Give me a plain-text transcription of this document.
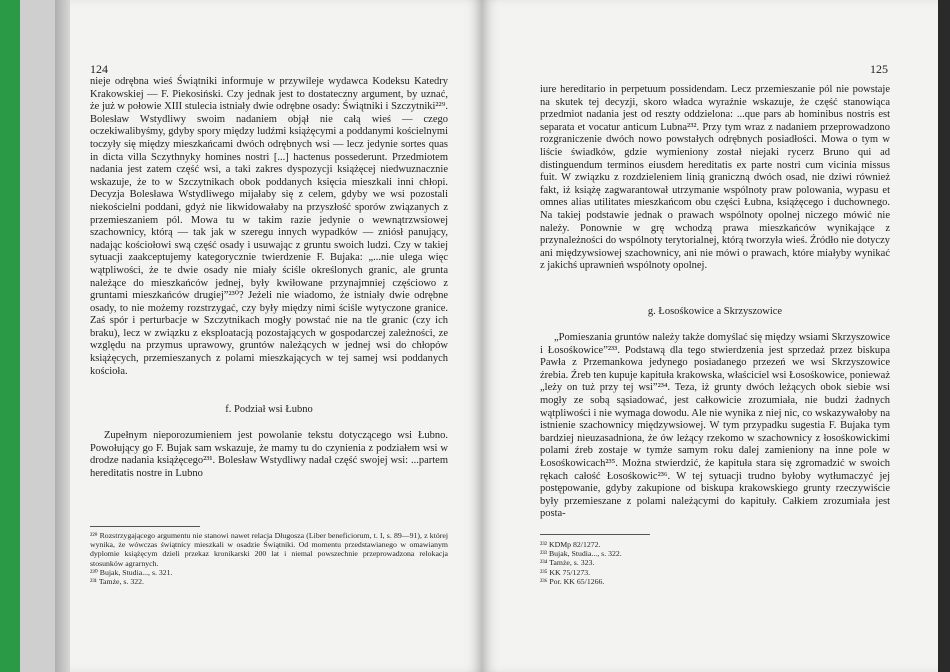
124

nieje odrębna wieś Świątniki informuje w przywilejе wydawca Kodeksu Katedry Krakowskiej — F. Piekosiński. Czy jednak jest to dostateczny argument, by uznać, że już w połowie XIII stulecia istniały dwie odrębne osady: Świątniki i Szczytniki²²⁹. Bolesław Wstydliwy swoim nadaniem objął nie całą wieś — czego oczekiwalibyśmy, gdyby spory między ludźmi książęcymi a poddanymi kościelnymi toczyły się między mieszkańcami dwóch odrębnych wsi — lecz jedynie sortes quas in dicta villa Sczythnyky homines nostri [...] hactenus possederunt. Przedmiotem nadania jest zatem część wsi, a taki zakres dyspozycji książęcej niedwuznacznie wskazuje, że to w Szczytnikach obok poddanych księcia mieszkali inni chłopi. Decyzja Bolesława Wstydliwego mijałaby się z celem, gdyby we wsi pozostali niekościelni poddani, gdyż nie likwidowałaby na przyszłość sporów związanych z przemieszaniem pól. Mowa tu w takim razie jedynie o wewnątrzwsiowej szachownicy, którą — tak jak w szeregu innych wypadków — zniósł panujący, nadając kościołowi swą część osady i usuwając z gruntu swoich ludzi. Czy w takiej sytuacji zaakceptujemy kategorycznie twierdzenie F. Bujaka: „...nie ulega więc wątpliwości, że te dwie osady nie miały ściśle określonych granic, ale grunta należące do mieszkańców jednej, były kwiłowane przynajmniej częściowo z gruntami mieszkańców drugiej”²³⁰? Jeżeli nie wiadomo, że istniały dwie odrębne osady, to nie możemy rozstrzygać, czy były między nimi ściśle wytyczone granice. Zaś spór i perturbacje w Szczytnikach mogły powstać nie na tle granic (czy ich braku), lecz w związku z eksploatacją pozostających w gospodarczej zależności, ze względu na przymus uprawowy, gruntów należących w jednej wsi do chłopów książęcych, przemieszanych z polami mieszkających w tej samej wsi poddanych kościoła.

f. Podział wsi Łubno

Zupełnym nieporozumieniem jest powolanie tekstu dotyczącego wsi Łubno. Powołujący go F. Bujak sam wskazuje, że mamy tu do czynienia z podziałem wsi w drodze nadania książęcego²³¹. Bolesław Wstydliwy nadał część swojej wsi: ...partem hereditatis nostre in Lubno

²²⁹ Rozstrzygającego argumentu nie stanowi nawet relacja Długosza (Liber beneficiorum, t. I, s. 89—91), z której wynika, że wówczas świątnicy mieszkali w osadzie Świątniki. Od momentu przedstawianego w omawianym dyplomie książęcym dzieli przekaz kronikarski 200 lat i niemal powszechnie przeprowadzona relokacja stosunków agrarnych.
²³⁰ Bujak, Studia..., s. 321.
²³¹ Tamże, s. 322.
125

iure hereditario in perpetuum possidendam. Lecz przemieszanie pól nie powstaje na skutek tej decyzji, skoro władca wyraźnie wskazuje, że część stanowiąca przedmiot nadania jest od reszty oddzielona: ...que pars ab hominibus nostris est separata et vocatur anticum Lubna²³². Przy tym wraz z nadaniem przeprowadzono rozgraniczenie dwóch nowo powstałych odrębnych posiadłości. Mowa o tym w liście świadków, gdzie wymieniony został niejaki rycerz Bruno qui ad distinguendum terminos eiusdem hereditatis ex parte nostri cum vicinia missus fuit. W związku z rozdzieleniem linią graniczną dwóch osad, nie dziwi również fakt, iż książę zagwarantował utrzymanie wspólnoty praw polowania, wypasu et omnes alias utilitates mieszkańcom obu części Łubna, książęcego i duchownego. Na takiej podstawie jednak o prawach wspólnoty opolnej niczego mówić nie należy. Ponownie w grę wchodzą prawa mieszkańców wynikające z przynależności do wspólnoty terytorialnej, którą tworzyła wieś. Źródło nie dotyczy ani międzywsiowej szachownicy, ani nie mówi o prawach, które miałyby wynikać z jakichś uprawnień wspólnoty opolnej.

g. Łosośkowice a Skrzyszowice

„Pomieszania gruntów należy także domyślać się między wsiami Skrzyszowice i Łosośkowice”²³³. Podstawą dla tego stwierdzenia jest sprzedaż przez biskupa Pawła z Przemankowa jedynego posiadanego przezeń we wsi Skrzyszowice źrebia. Źreb ten kupuje kapituła krakowska, właściciel wsi Łosośkowice, ponieważ „leży on tuż przy tej wsi”²³⁴. Teza, iż grunty dwóch leżących obok siebie wsi mogły ze sobą sąsiadować, jest całkowicie zrozumiała, nie budzi żadnych wątpliwości i nie wymaga dowodu. Ale nie wynika z niej nic, co wskazywałoby na istnienie szachownicy międzywsiowej. W tym przypadku sugestia F. Bujaka tym bardziej nieuzasadniona, że ów leżący rzekomo w szachownicy z łosośkowickimi polami źreb zostaje w tymże samym roku dalej zamieniony na inne pole w Łosośkowicach²³⁵. Można stwierdzić, że kapituła stara się zgromadzić w swoich rękach całość Łosośkowic²³⁶. W tej sytuacji trudno byłoby wytłumaczyć jej postępowanie, gdyby zakupione od biskupa krakowskiego grunty rzeczywiście były przemieszane z polami należącymi do kapituły. Całkiem zrozumiała jest posta-

²³² KDMp 82/1272.
²³³ Bujak, Studia..., s. 322.
²³⁴ Tamże, s. 323.
²³⁵ KK 75/1273.
²³⁶ Por. KK 65/1266.
